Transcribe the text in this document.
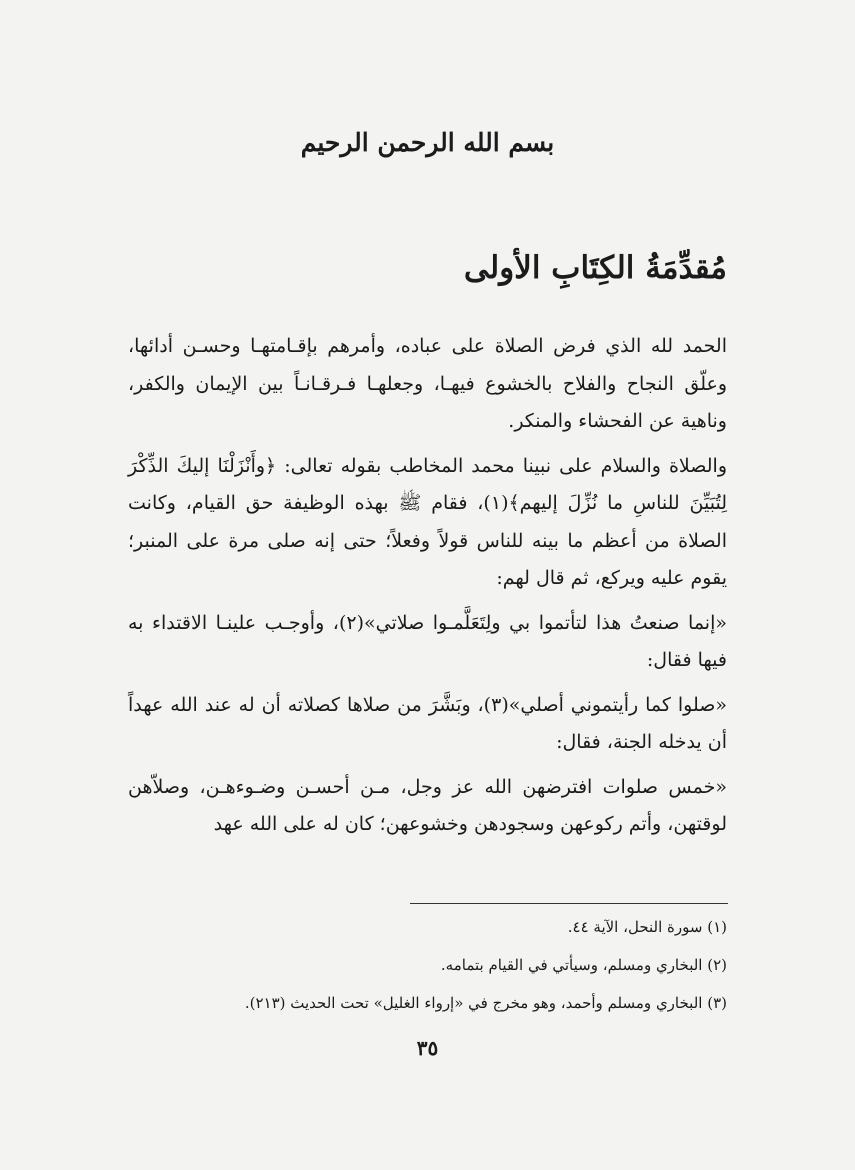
بسم الله الرحمن الرحيم
مُقدِّمَةُ الكِتَابِ الأولى

الحمد لله الذي فرض الصلاة على عباده، وأمرهم بإقـامتهـا وحسـن أدائها، وعلّق النجاح والفلاح بالخشوع فيهـا، وجعلهـا فـرقـانـاً بين الإيمان والكفر، وناهية عن الفحشاء والمنكر.

والصلاة والسلام على نبينا محمد المخاطب بقوله تعالى: ﴿وأَنْزَلْنَا إليكَ الذِّكْرَ لِتُبَيِّنَ للناسِ ما نُزِّلَ إليهم﴾(١)، فقام ﷺ بهذه الوظيفة حق القيام، وكانت الصلاة من أعظم ما بينه للناس قولاً وفعلاً؛ حتى إنه صلى مرة على المنبر؛ يقوم عليه ويركع، ثم قال لهم:

«إنما صنعتُ هذا لتأتموا بي ولِتَعَلَّمـوا صلاتي»(٢)، وأوجـب علينـا الاقتداء به فيها فقال:

«صلوا كما رأيتموني أصلي»(٣)، وبَشَّرَ من صلاها كصلاته أن له عند الله عهداً أن يدخله الجنة، فقال:

«خمس صلوات افترضهن الله عز وجل، مـن أحسـن وضـوءهـن، وصلاّهن لوقتهن، وأتم ركوعهن وسجودهن وخشوعهن؛ كان له على الله عهد

(١) سورة النحل، الآية ٤٤.

(٢) البخاري ومسلم، وسيأتي في القيام بتمامه.

(٣) البخاري ومسلم وأحمد، وهو مخرج في «إرواء الغليل» تحت الحديث (٢١٣).

٣٥
